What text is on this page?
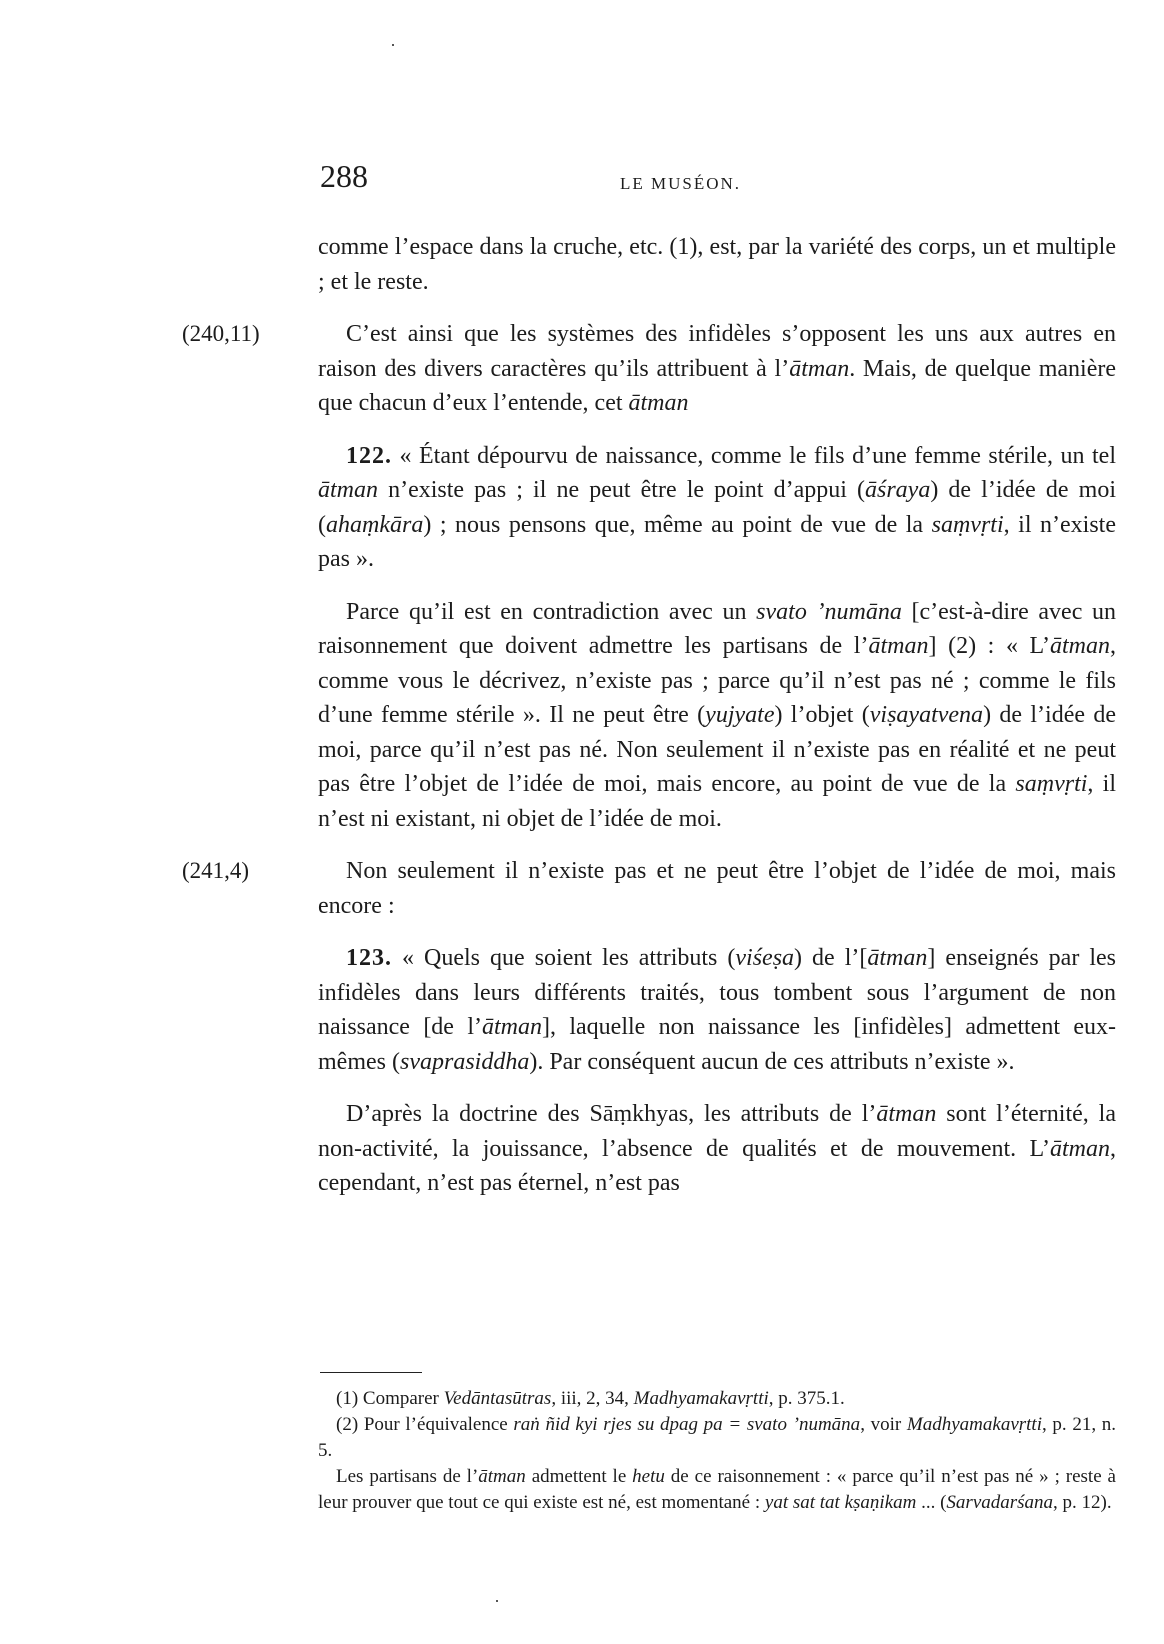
288	LE MUSÉON.

comme l’espace dans la cruche, etc. (1), est, par la variété des corps, un et multiple ; et le reste.

(240,11)	C’est ainsi que les systèmes des infidèles s’opposent les uns aux autres en raison des divers caractères qu’ils attribuent à l’ātman. Mais, de quelque manière que chacun d’eux l’entende, cet ātman

122. « Étant dépourvu de naissance, comme le fils d’une femme stérile, un tel ātman n’existe pas ; il ne peut être le point d’appui (āśraya) de l’idée de moi (ahaṃkāra) ; nous pensons que, même au point de vue de la saṃvṛti, il n’existe pas ».

Parce qu’il est en contradiction avec un svato ’numāna [c’est-à-dire avec un raisonnement que doivent admettre les partisans de l’ātman] (2) : « L’ātman, comme vous le décrivez, n’existe pas ; parce qu’il n’est pas né ; comme le fils d’une femme stérile ». Il ne peut être (yujyate) l’objet (viṣayatvena) de l’idée de moi, parce qu’il n’est pas né. Non seulement il n’existe pas en réalité et ne peut pas être l’objet de l’idée de moi, mais encore, au point de vue de la saṃvṛti, il n’est ni existant, ni objet de l’idée de moi.

(241,4)	Non seulement il n’existe pas et ne peut être l’objet de l’idée de moi, mais encore :

123. « Quels que soient les attributs (viśeṣa) de l’[ātman] enseignés par les infidèles dans leurs différents traités, tous tombent sous l’argument de non naissance [de l’ātman], laquelle non naissance les [infidèles] admettent eux-mêmes (svaprasiddha). Par conséquent aucun de ces attributs n’existe ».

D’après la doctrine des Sāṃkhyas, les attributs de l’ātman sont l’éternité, la non-activité, la jouissance, l’absence de qualités et de mouvement. L’ātman, cependant, n’est pas éternel, n’est pas

(1) Comparer Vedāntasūtras, iii, 2, 34, Madhyamakavṛtti, p. 375.1.

(2) Pour l’équivalence raṅ ñid kyi rjes su dpag pa = svato ’numāna, voir Madhyamakavṛtti, p. 21, n. 5.

Les partisans de l’ātman admettent le hetu de ce raisonnement : « parce qu’il n’est pas né » ; reste à leur prouver que tout ce qui existe est né, est momentané : yat sat tat kṣaṇikam ... (Sarvadarśana, p. 12).
